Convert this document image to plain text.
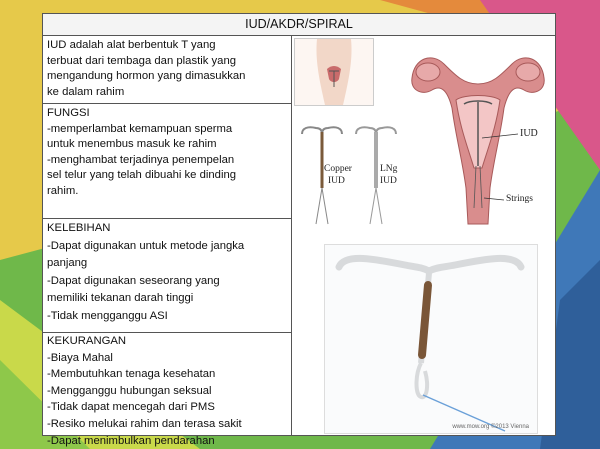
IUD/AKDR/SPIRAL

IUD adalah alat berbentuk T yang

terbuat dari tembaga dan plastik yang

mengandung hormon yang dimasukkan

ke dalam rahim

FUNGSI

-memperlambat kemampuan sperma

untuk menembus masuk ke rahim

-menghambat terjadinya penempelan

sel telur yang telah dibuahi ke dinding

rahim.

KELEBIHAN

-Dapat digunakan untuk metode jangka

panjang

-Dapat digunakan seseorang yang

memiliki tekanan darah tinggi

-Tidak mengganggu ASI

KEKURANGAN

-Biaya Mahal

-Membutuhkan tenaga kesehatan

-Mengganggu hubungan seksual

-Tidak dapat mencegah dari PMS

-Resiko melukai rahim dan terasa sakit

-Dapat menimbulkan pendarahan

Copper
IUD
LNg
IUD
IUD
Strings
www.mow.org ©2013 Vienna
